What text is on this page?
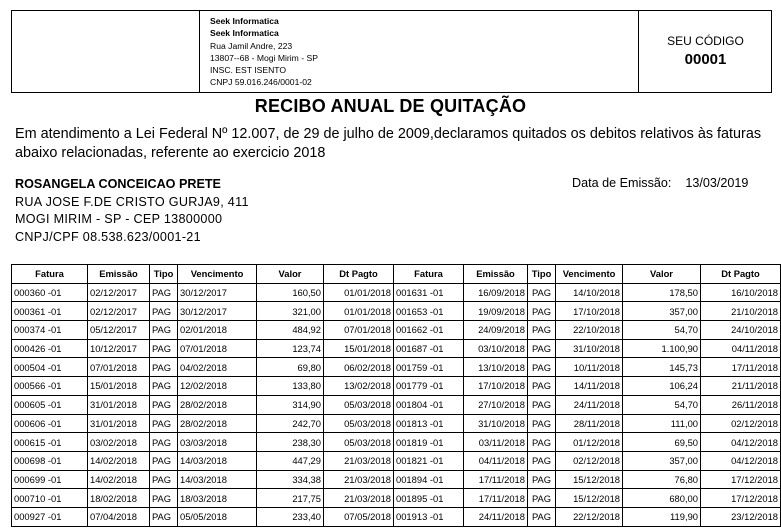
Seek Informatica
Seek Informatica
Rua Jamil Andre, 223
13807--68 - Mogi Mirim - SP
INSC. EST ISENTO
CNPJ 59.016.246/0001-02
SEU CÓDIGO
00001
RECIBO ANUAL DE QUITAÇÃO
Em atendimento a Lei Federal Nº 12.007, de 29 de julho de 2009,declaramos quitados os debitos relativos às faturas abaixo relacionadas, referente ao exercicio 2018
ROSANGELA CONCEICAO PRETE
RUA JOSE F.DE CRISTO GURJA9, 411
MOGI MIRIM - SP - CEP 13800000
CNPJ/CPF 08.538.623/0001-21
Data de Emissão: 13/03/2019
Fatura	Emissão	Tipo	Vencimento	Valor	Dt Pagto
000360 -01	02/12/2017	PAG	30/12/2017	160,50	01/01/2018
000361 -01	02/12/2017	PAG	30/12/2017	321,00	01/01/2018
000374 -01	05/12/2017	PAG	02/01/2018	484,92	07/01/2018
000426 -01	10/12/2017	PAG	07/01/2018	123,74	15/01/2018
000504 -01	07/01/2018	PAG	04/02/2018	69,80	06/02/2018
000566 -01	15/01/2018	PAG	12/02/2018	133,80	13/02/2018
000605 -01	31/01/2018	PAG	28/02/2018	314,90	05/03/2018
000606 -01	31/01/2018	PAG	28/02/2018	242,70	05/03/2018
000615 -01	03/02/2018	PAG	03/03/2018	238,30	05/03/2018
000698 -01	14/02/2018	PAG	14/03/2018	447,29	21/03/2018
000699 -01	14/02/2018	PAG	14/03/2018	334,38	21/03/2018
000710 -01	18/02/2018	PAG	18/03/2018	217,75	21/03/2018
000927 -01	07/04/2018	PAG	05/05/2018	233,40	07/05/2018
Fatura	Emissão	Tipo	Vencimento	Valor	Dt Pagto
001631 -01	16/09/2018	PAG	14/10/2018	178,50	16/10/2018
001653 -01	19/09/2018	PAG	17/10/2018	357,00	21/10/2018
001662 -01	24/09/2018	PAG	22/10/2018	54,70	24/10/2018
001687 -01	03/10/2018	PAG	31/10/2018	1.100,90	04/11/2018
001759 -01	13/10/2018	PAG	10/11/2018	145,73	17/11/2018
001779 -01	17/10/2018	PAG	14/11/2018	106,24	21/11/2018
001804 -01	27/10/2018	PAG	24/11/2018	54,70	26/11/2018
001813 -01	31/10/2018	PAG	28/11/2018	111,00	02/12/2018
001819 -01	03/11/2018	PAG	01/12/2018	69,50	04/12/2018
001821 -01	04/11/2018	PAG	02/12/2018	357,00	04/12/2018
001894 -01	17/11/2018	PAG	15/12/2018	76,80	17/12/2018
001895 -01	17/11/2018	PAG	15/12/2018	680,00	17/12/2018
001913 -01	24/11/2018	PAG	22/12/2018	119,90	23/12/2018
